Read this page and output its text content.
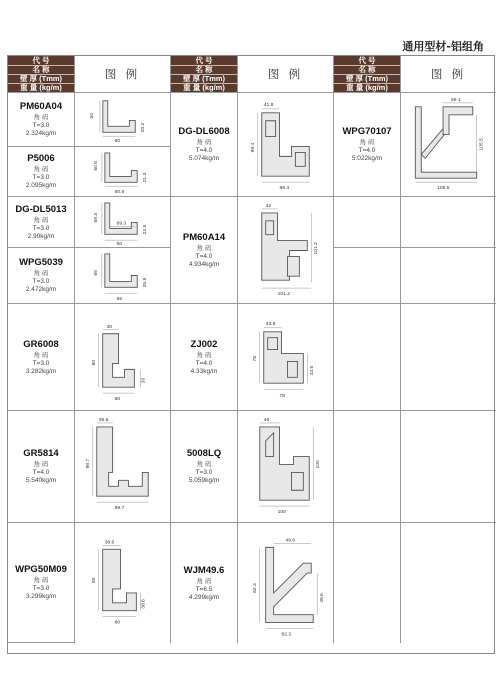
通用型材-铝组角
代 号
名 称
壁 厚 (Tmm)
重 量 (kg/m)
图 例
代 号
名 称
壁 厚 (Tmm)
重 量 (kg/m)
图 例
代 号
名 称
壁 厚 (Tmm)
重 量 (kg/m)
图 例
PM60A04
角 码
T=3.0
2.324kg/m
60
60
20.2
P5006
角 码
T=3.0
2.095kg/m
60.6
60.6
21.3
DG-DL5013
角 码
T=3.0
2.90kg/m
69.3
69.3
22.5
50
WPG5039
角 码
T=3.0
2.472kg/m
65
65
25.8
GR6008
角 码
T=3.0
3.282kg/m
30
80
30
80
GR5814
角 码
T=4.0
5.540kg/m
36.6
99.7
99.7
WPG50M09
角 码
T=3.0
3.299kg/m
38.6
80
38.6
80
DG-DL6008
角 码
T=4.0
5.074kg/m
41.8
99.4
99.4
PM60A14
角 码
T=4.0
4.934kg/m
42
101.2
101.2
ZJ002
角 码
T=4.0
4.33kg/m
43.5
78
43.5
78
5008LQ
角 码
T=3.0
5.059kg/m
46
100
100
WJM49.6
角 码
T=6.5
4.299kg/m
49.6
82.3
49.6
82.3
WPG70107
角 码
T=4.0
5.022kg/m
59.1
105.5
105.5
